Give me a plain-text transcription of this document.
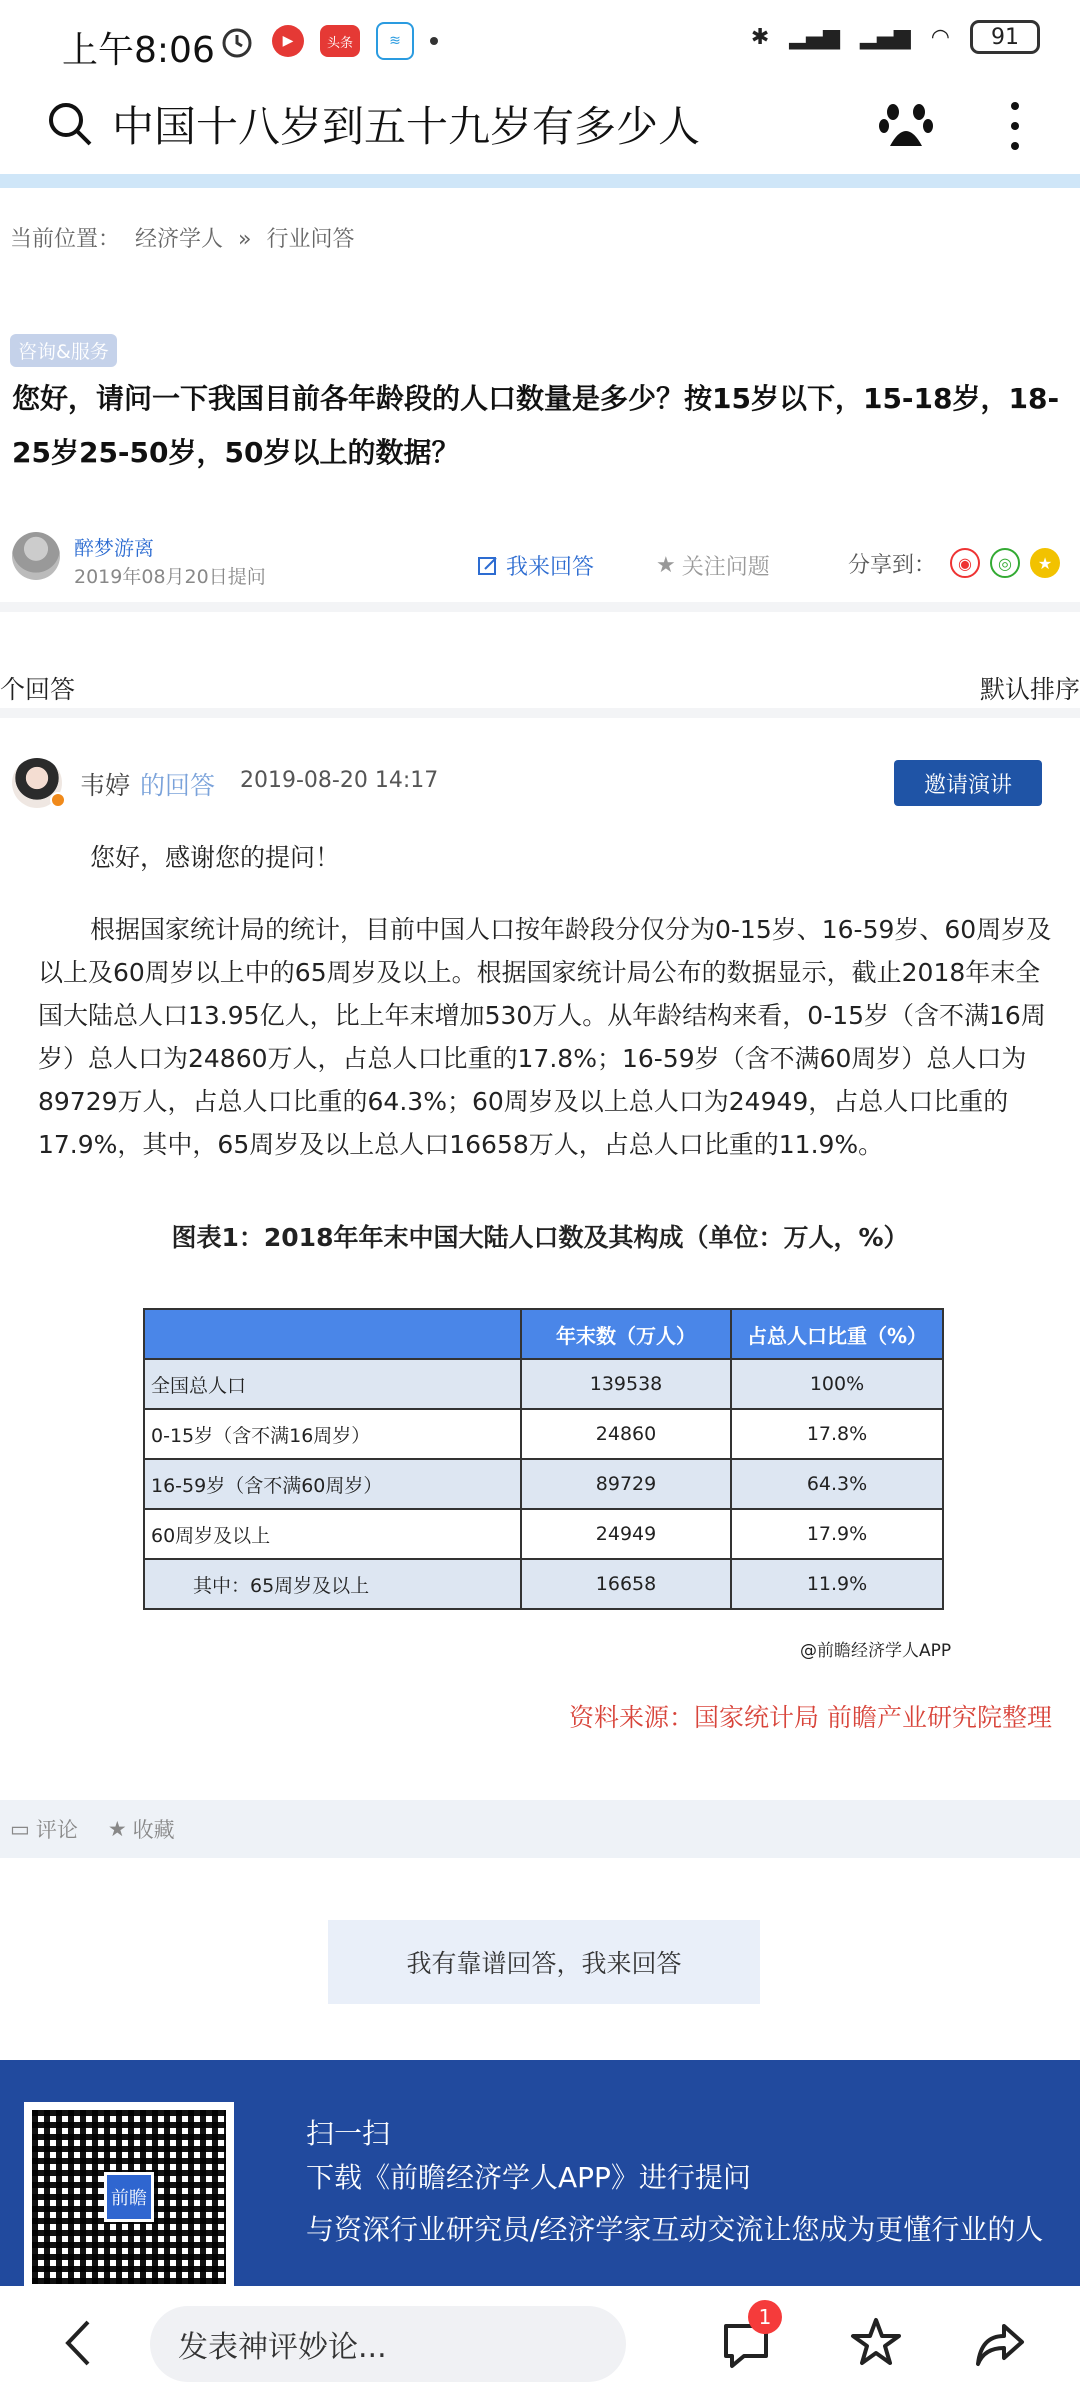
上午8:06	▶	头条	≋	✱ ▂▄▆ ▂▄▆ ◠	91
中国十八岁到五十九岁有多少人
当前位置： 经济学人 » 行业问答
咨询&服务
您好，请问一下我国目前各年龄段的人口数量是多少？按15岁以下，15-18岁，18-25岁25-50岁，50岁以上的数据？
醉梦游离
2019年08月20日提问	我来回答	★ 关注问题	分享到：	◉	◎	★
个回答	默认排序
韦婷 的回答 2019-08-20 14:17	邀请演讲
您好，感谢您的提问！
根据国家统计局的统计，目前中国人口按年龄段分仅分为0-15岁、16-59岁、60周岁及以上及60周岁以上中的65周岁及以上。根据国家统计局公布的数据显示，截止2018年末全国大陆总人口13.95亿人，比上年末增加530万人。从年龄结构来看，0-15岁（含不满16周岁）总人口为24860万人，占总人口比重的17.8%；16-59岁（含不满60周岁）总人口为89729万人，占总人口比重的64.3%；60周岁及以上总人口为24949，占总人口比重的17.9%，其中，65周岁及以上总人口16658万人，占总人口比重的11.9%。
图表1：2018年年末中国大陆人口数及其构成（单位：万人，%）
	年末数（万人）	占总人口比重（%）
全国总人口	139538	100%
0-15岁（含不满16周岁）	24860	17.8%
16-59岁（含不满60周岁）	89729	64.3%
60周岁及以上	24949	17.9%
其中：65周岁及以上	16658	11.9%
@前瞻经济学人APP
资料来源：国家统计局 前瞻产业研究院整理
▭ 评论 ★ 收藏
我有靠谱回答，我来回答
前瞻
扫一扫
下载《前瞻经济学人APP》进行提问
与资深行业研究员/经济学家互动交流让您成为更懂行业的人
发表神评妙论...
1
